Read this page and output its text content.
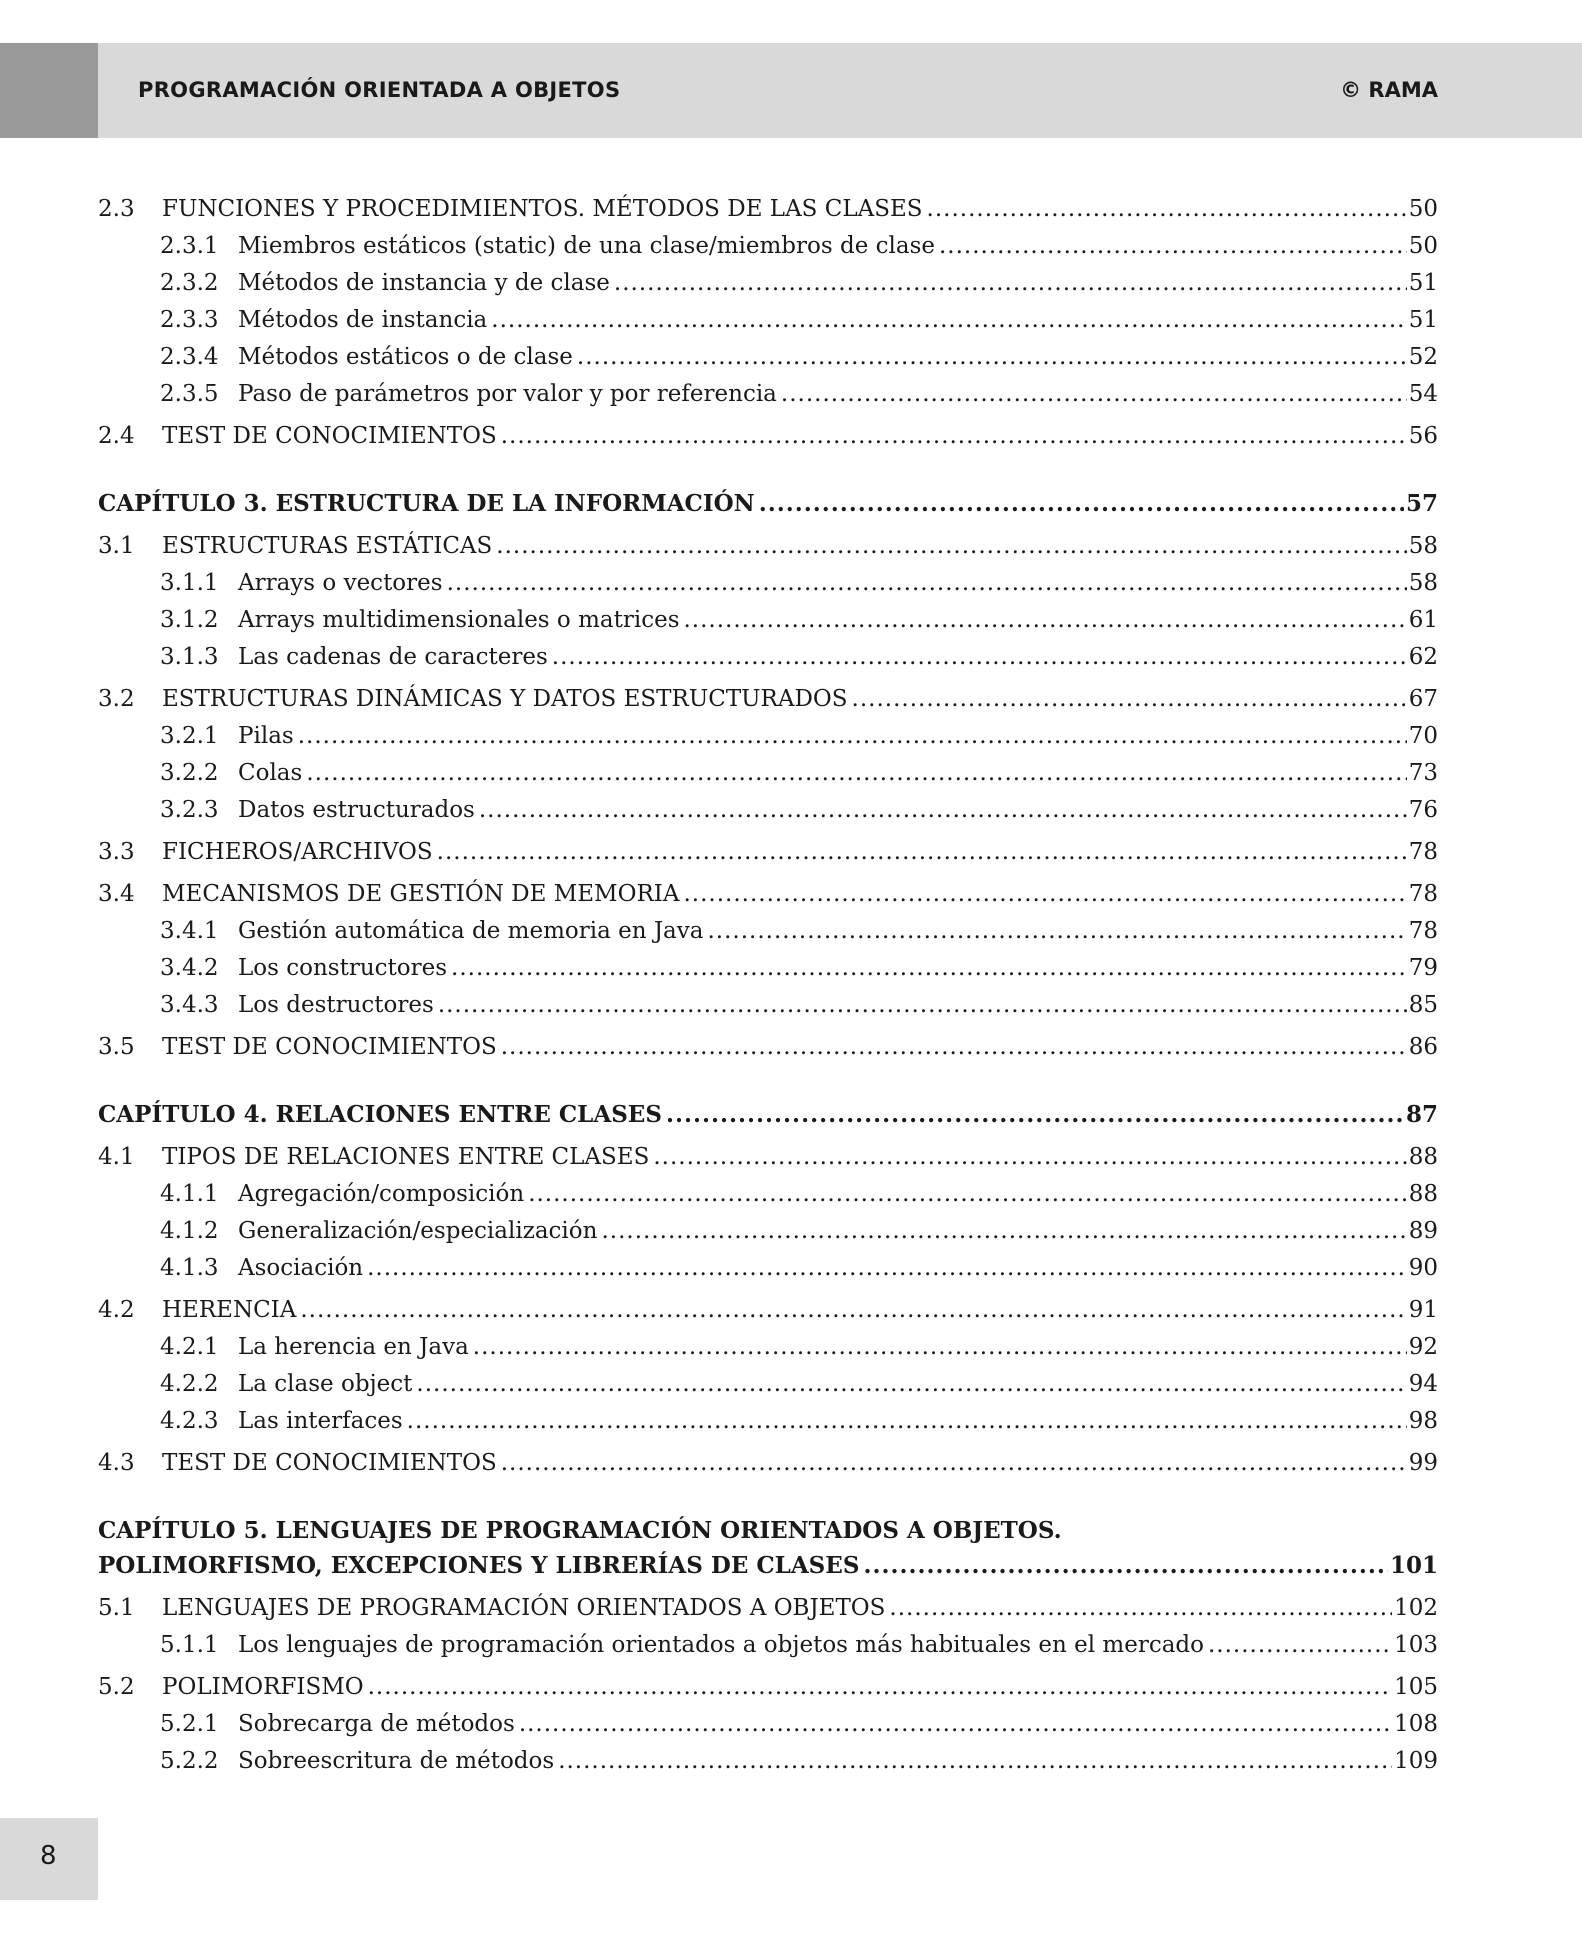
PROGRAMACIÓN ORIENTADA A OBJETOS	© RAMA
2.3	FUNCIONES Y PROCEDIMIENTOS. MÉTODOS DE LAS CLASES .....	50
2.3.1 Miembros estáticos (static) de una clase/miembros de clase .....	50
2.3.2 Métodos de instancia y de clase .....	51
2.3.3 Métodos de instancia .....	51
2.3.4 Métodos estáticos o de clase .....	52
2.3.5 Paso de parámetros por valor y por referencia .....	54
2.4	TEST DE CONOCIMIENTOS .....	56
CAPÍTULO 3. ESTRUCTURA DE LA INFORMACIÓN .....	57
3.1	ESTRUCTURAS ESTÁTICAS .....	58
3.1.1 Arrays o vectores .....	58
3.1.2 Arrays multidimensionales o matrices .....	61
3.1.3 Las cadenas de caracteres .....	62
3.2	ESTRUCTURAS DINÁMICAS Y DATOS ESTRUCTURADOS .....	67
3.2.1 Pilas .....	70
3.2.2 Colas .....	73
3.2.3 Datos estructurados .....	76
3.3	FICHEROS/ARCHIVOS .....	78
3.4	MECANISMOS DE GESTIÓN DE MEMORIA .....	78
3.4.1 Gestión automática de memoria en Java .....	78
3.4.2 Los constructores .....	79
3.4.3 Los destructores .....	85
3.5	TEST DE CONOCIMIENTOS .....	86
CAPÍTULO 4. RELACIONES ENTRE CLASES .....	87
4.1	TIPOS DE RELACIONES ENTRE CLASES .....	88
4.1.1 Agregación/composición .....	88
4.1.2 Generalización/especialización .....	89
4.1.3 Asociación .....	90
4.2	HERENCIA .....	91
4.2.1 La herencia en Java .....	92
4.2.2 La clase object .....	94
4.2.3 Las interfaces .....	98
4.3	TEST DE CONOCIMIENTOS .....	99
CAPÍTULO 5. LENGUAJES DE PROGRAMACIÓN ORIENTADOS A OBJETOS.
POLIMORFISMO, EXCEPCIONES Y LIBRERÍAS DE CLASES .....	101
5.1	LENGUAJES DE PROGRAMACIÓN ORIENTADOS A OBJETOS .....	102
5.1.1 Los lenguajes de programación orientados a objetos más habituales en el mercado .....	103
5.2	POLIMORFISMO .....	105
5.2.1 Sobrecarga de métodos .....	108
5.2.2 Sobreescritura de métodos .....	109
8
